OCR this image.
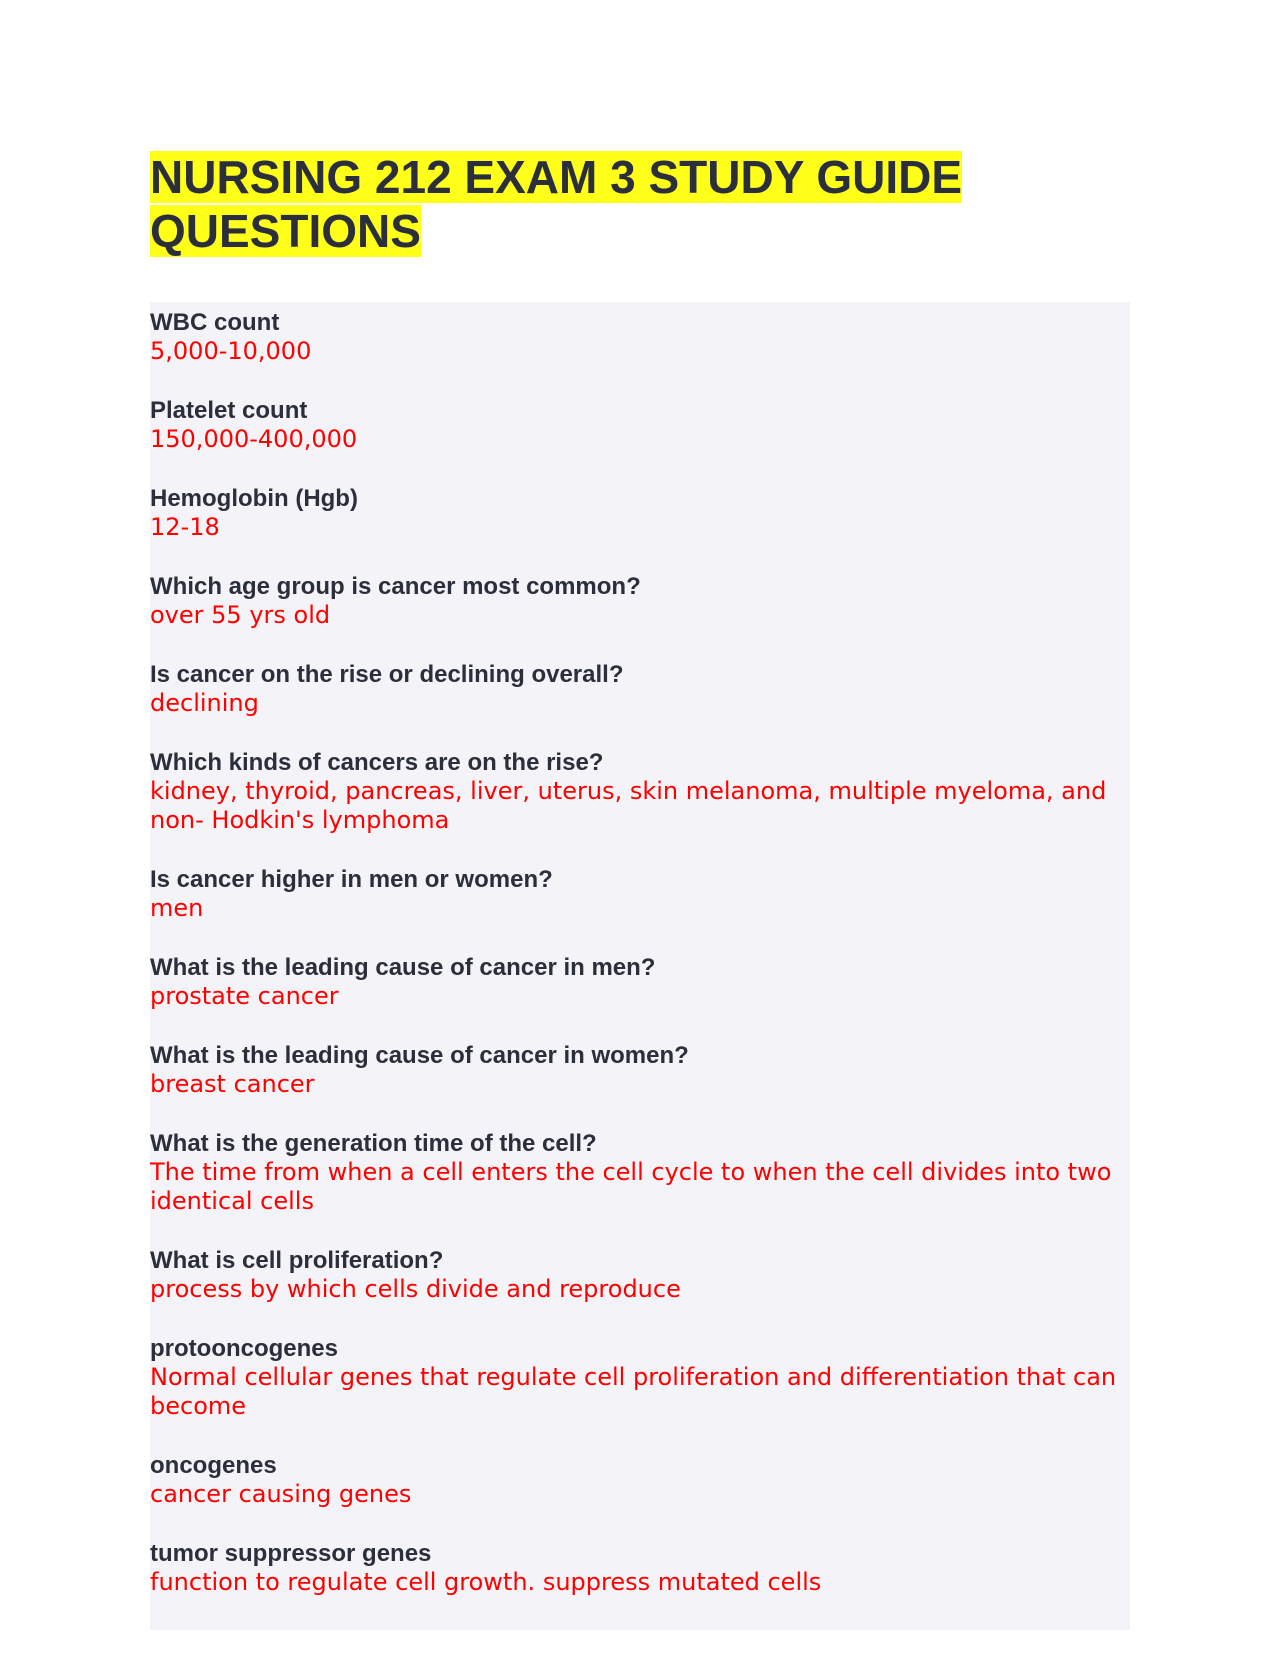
NURSING 212 EXAM 3 STUDY GUIDE QUESTIONS
WBC count
5,000-10,000
Platelet count
150,000-400,000
Hemoglobin (Hgb)
12-18
Which age group is cancer most common?
over 55 yrs old
Is cancer on the rise or declining overall?
declining
Which kinds of cancers are on the rise?
kidney, thyroid, pancreas, liver, uterus, skin melanoma, multiple myeloma, and non- Hodkin's lymphoma
Is cancer higher in men or women?
men
What is the leading cause of cancer in men?
prostate cancer
What is the leading cause of cancer in women?
breast cancer
What is the generation time of the cell?
The time from when a cell enters the cell cycle to when the cell divides into two identical cells
What is cell proliferation?
process by which cells divide and reproduce
protooncogenes
Normal cellular genes that regulate cell proliferation and differentiation that can become
oncogenes
cancer causing genes
tumor suppressor genes
function to regulate cell growth. suppress mutated cells
